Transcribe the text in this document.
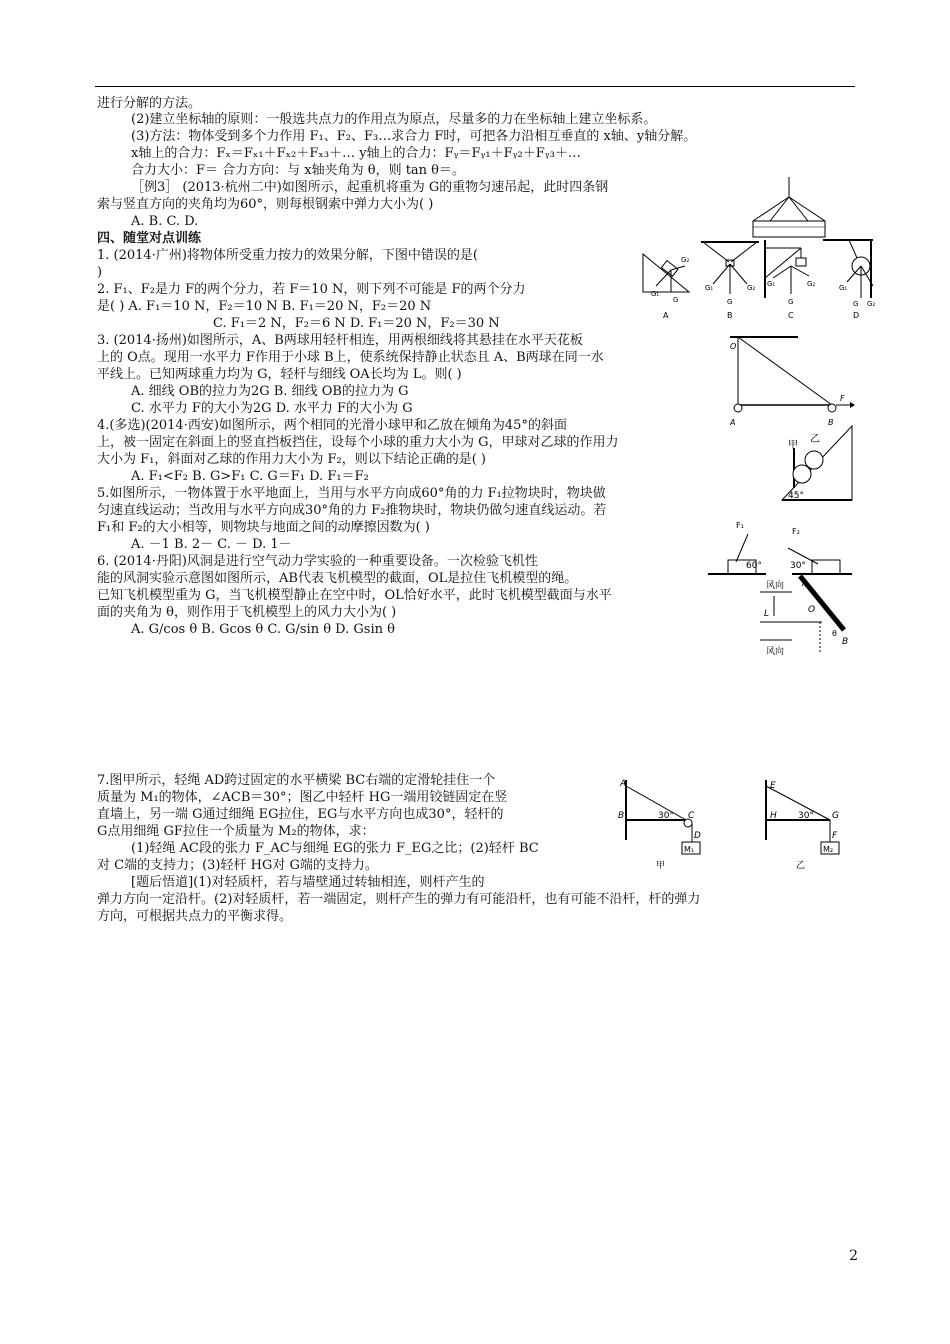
进行分解的方法。
(2)建立坐标轴的原则：一般选共点力的作用点为原点，尽量多的力在坐标轴上建立坐标系。
(3)方法：物体受到多个力作用 F₁、F₂、F₃…求合力 F时，可把各力沿相互垂直的 x轴、y轴分解。
x轴上的合力：Fₓ＝Fₓ₁＋Fₓ₂＋Fₓ₃＋… y轴上的合力：Fᵧ＝Fᵧ₁＋Fᵧ₂＋Fᵧ₃＋…
合力大小：F＝ 合力方向：与 x轴夹角为 θ，则 tan θ＝。
［例3］ (2013·杭州二中)如图所示，起重机将重为 G的重物匀速吊起，此时四条钢
索与竖直方向的夹角均为60°，则每根钢索中弹力大小为( )
A. B. C. D.
四、随堂对点训练
1. (2014·广州)将物体所受重力按力的效果分解，下图中错误的是(
)
2. F₁、F₂是力 F的两个分力，若 F＝10 N，则下列不可能是 F的两个分力
是( ) A. F₁＝10 N，F₂＝10 N B. F₁＝20 N，F₂＝20 N
C. F₁＝2 N，F₂＝6 N D. F₁＝20 N，F₂＝30 N
3. (2014·扬州)如图所示，A、B两球用轻杆相连，用两根细线将其悬挂在水平天花板
上的 O点。现用一水平力 F作用于小球 B上，使系统保持静止状态且 A、B两球在同一水
平线上。已知两球重力均为 G，轻杆与细线 OA长均为 L。则( )
A. 细线 OB的拉力为2G B. 细线 OB的拉力为 G
C. 水平力 F的大小为2G D. 水平力 F的大小为 G
4.(多选)(2014·西安)如图所示，两个相同的光滑小球甲和乙放在倾角为45°的斜面
上，被一固定在斜面上的竖直挡板挡住，设每个小球的重力大小为 G，甲球对乙球的作用力
大小为 F₁，斜面对乙球的作用力大小为 F₂，则以下结论正确的是( )
A. F₁<F₂ B. G>F₁ C. G＝F₁ D. F₁＝F₂
5.如图所示，一物体置于水平地面上，当用与水平方向成60°角的力 F₁拉物块时，物块做
匀速直线运动；当改用与水平方向成30°角的力 F₂推物块时，物块仍做匀速直线运动。若
F₁和 F₂的大小相等，则物块与地面之间的动摩擦因数为( )
A. －1 B. 2－ C. － D. 1－
6. (2014·丹阳)风洞是进行空气动力学实验的一种重要设备。一次检验飞机性
能的风洞实验示意图如图所示，AB代表飞机模型的截面，OL是拉住飞机模型的绳。
已知飞机模型重为 G，当飞机模型静止在空中时，OL恰好水平，此时飞机模型截面与水平
面的夹角为 θ，则作用于飞机模型上的风力大小为( )
A. G/cos θ B. Gcos θ C. G/sin θ D. Gsin θ
7.图甲所示，轻绳 AD跨过固定的水平横梁 BC右端的定滑轮挂住一个
质量为 M₁的物体，∠ACB＝30°；图乙中轻杆 HG一端用铰链固定在竖
直墙上，另一端 G通过细绳 EG拉住，EG与水平方向也成30°，轻杆的
G点用细绳 GF拉住一个质量为 M₂的物体，求：
(1)轻绳 AC段的张力 F_AC与细绳 EG的张力 F_EG之比；(2)轻杆 BC
对 C端的支持力；(3)轻杆 HG对 G端的支持力。
[题后悟道](1)对轻质杆，若与墙壁通过转轴相连，则杆产生的
弹力方向一定沿杆。(2)对轻质杆，若一端固定，则杆产生的弹力有可能沿杆，也有可能不沿杆，杆的弹力
方向，可根据共点力的平衡求得。
G₁
G
G₂
A
G₁	G₂
G
B
G₁	G₂
G
C
G₁
G₂
G
D
O
A	B
F
甲
乙
45°
F₁
F₂
60°	30°
风向 A
O
L
B
θ
风向
A
B	C
D
30°
M₁
甲
E
H	G
F
30°
M₂
乙
2
